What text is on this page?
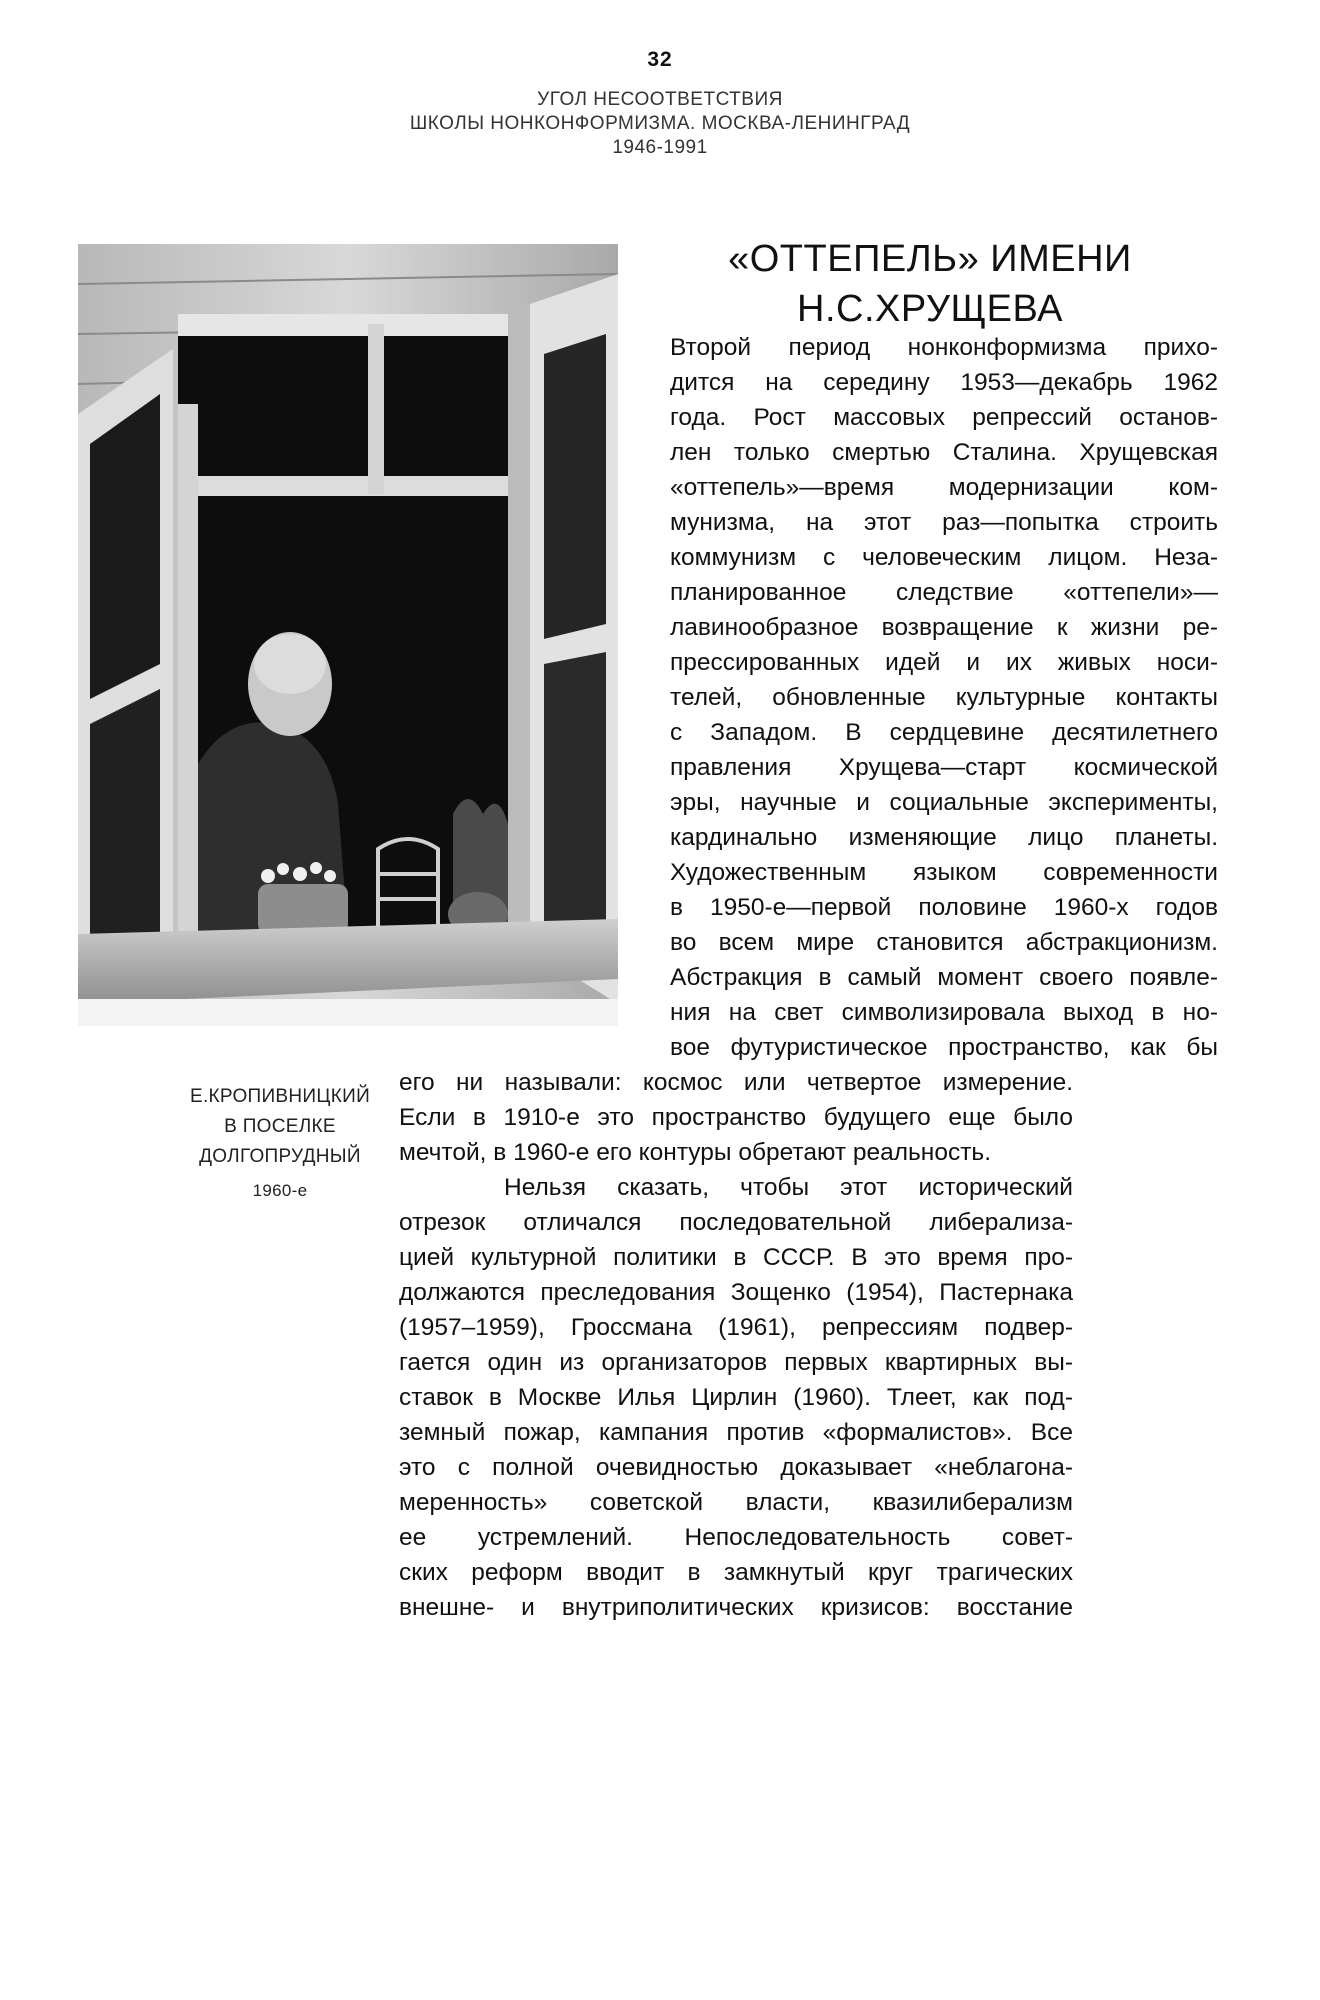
32
УГОЛ НЕСООТВЕТСТВИЯ
ШКОЛЫ НОНКОНФОРМИЗМА. МОСКВА-ЛЕНИНГРАД
1946-1991
Е.КРОПИВНИЦКИЙ
В ПОСЕЛКЕ
ДОЛГОПРУДНЫЙ
1960-е
«ОТТЕПЕЛЬ» ИМЕНИ
Н.С.ХРУЩЕВА
Второй период нонконформизма прихо-
дится на середину 1953—декабрь 1962
года. Рост массовых репрессий останов-
лен только смертью Сталина. Хрущевская
«оттепель»—время модернизации ком-
мунизма, на этот раз—попытка строить
коммунизм с человеческим лицом. Неза-
планированное следствие «оттепели»—
лавинообразное возвращение к жизни ре-
прессированных идей и их живых носи-
телей, обновленные культурные контакты
с Западом. В сердцевине десятилетнего
правления Хрущева—старт космической
эры, научные и социальные эксперименты,
кардинально изменяющие лицо планеты.
Художественным языком современности
в 1950-е—первой половине 1960-х годов
во всем мире становится абстракционизм.
Абстракция в самый момент своего появле-
ния на свет символизировала выход в но-
вое футуристическое пространство, как бы
его ни называли: космос или четвертое измерение.
Если в 1910-е это пространство будущего еще было
мечтой, в 1960-е его контуры обретают реальность.
Нельзя сказать, чтобы этот исторический
отрезок отличался последовательной либерализа-
цией культурной политики в СССР. В это время про-
должаются преследования Зощенко (1954), Пастернака
(1957–1959), Гроссмана (1961), репрессиям подвер-
гается один из организаторов первых квартирных вы-
ставок в Москве Илья Цирлин (1960). Тлеет, как под-
земный пожар, кампания против «формалистов». Все
это с полной очевидностью доказывает «неблагона-
меренность» советской власти, квазилиберализм
ее устремлений. Непоследовательность совет-
ских реформ вводит в замкнутый круг трагических
внешне- и внутриполитических кризисов: восстание
